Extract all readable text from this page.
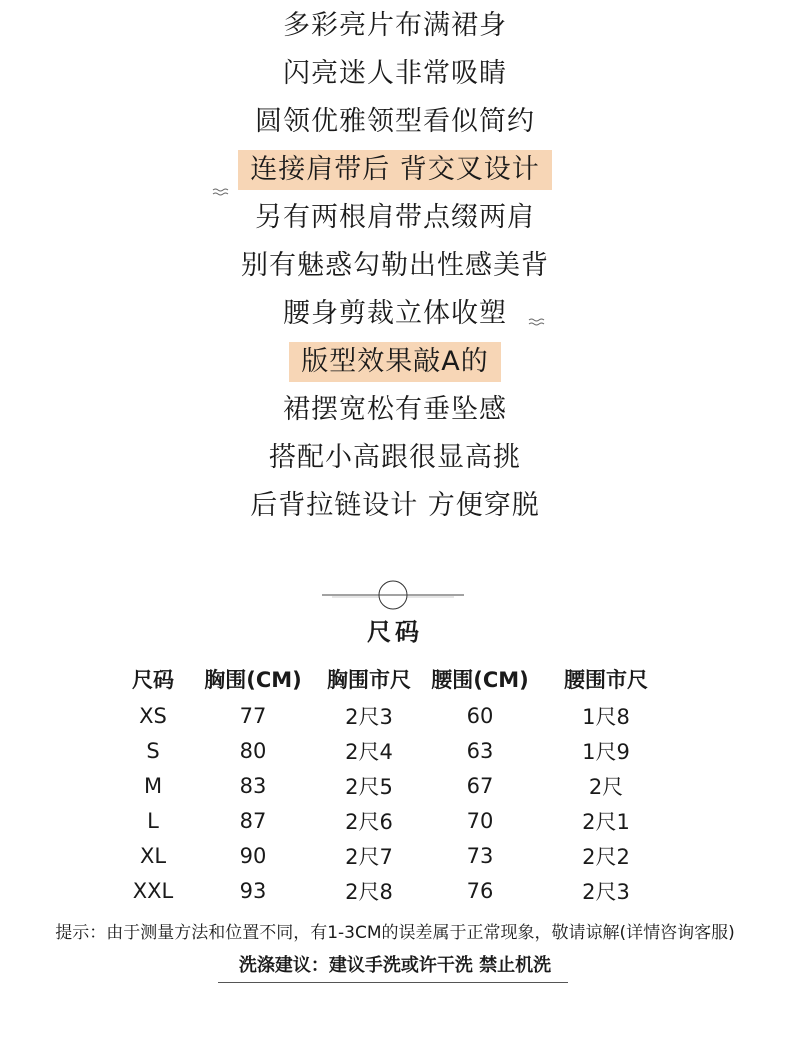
多彩亮片布满裙身
闪亮迷人非常吸睛
圆领优雅领型看似简约
连接肩带后 背交叉设计
另有两根肩带点缀两肩
别有魅惑勾勒出性感美背
腰身剪裁立体收塑
版型效果敲A的
裙摆宽松有垂坠感
搭配小高跟很显高挑
后背拉链设计 方便穿脱
尺码
尺码	胸围(CM)	胸围市尺	腰围(CM)	腰围市尺
XS	77	2尺3	60	1尺8
S	80	2尺4	63	1尺9
M	83	2尺5	67	2尺
L	87	2尺6	70	2尺1
XL	90	2尺7	73	2尺2
XXL	93	2尺8	76	2尺3
提示：由于测量方法和位置不同，有1-3CM的误差属于正常现象，敬请谅解(详情咨询客服)
洗涤建议：建议手洗或许干洗 禁止机洗
